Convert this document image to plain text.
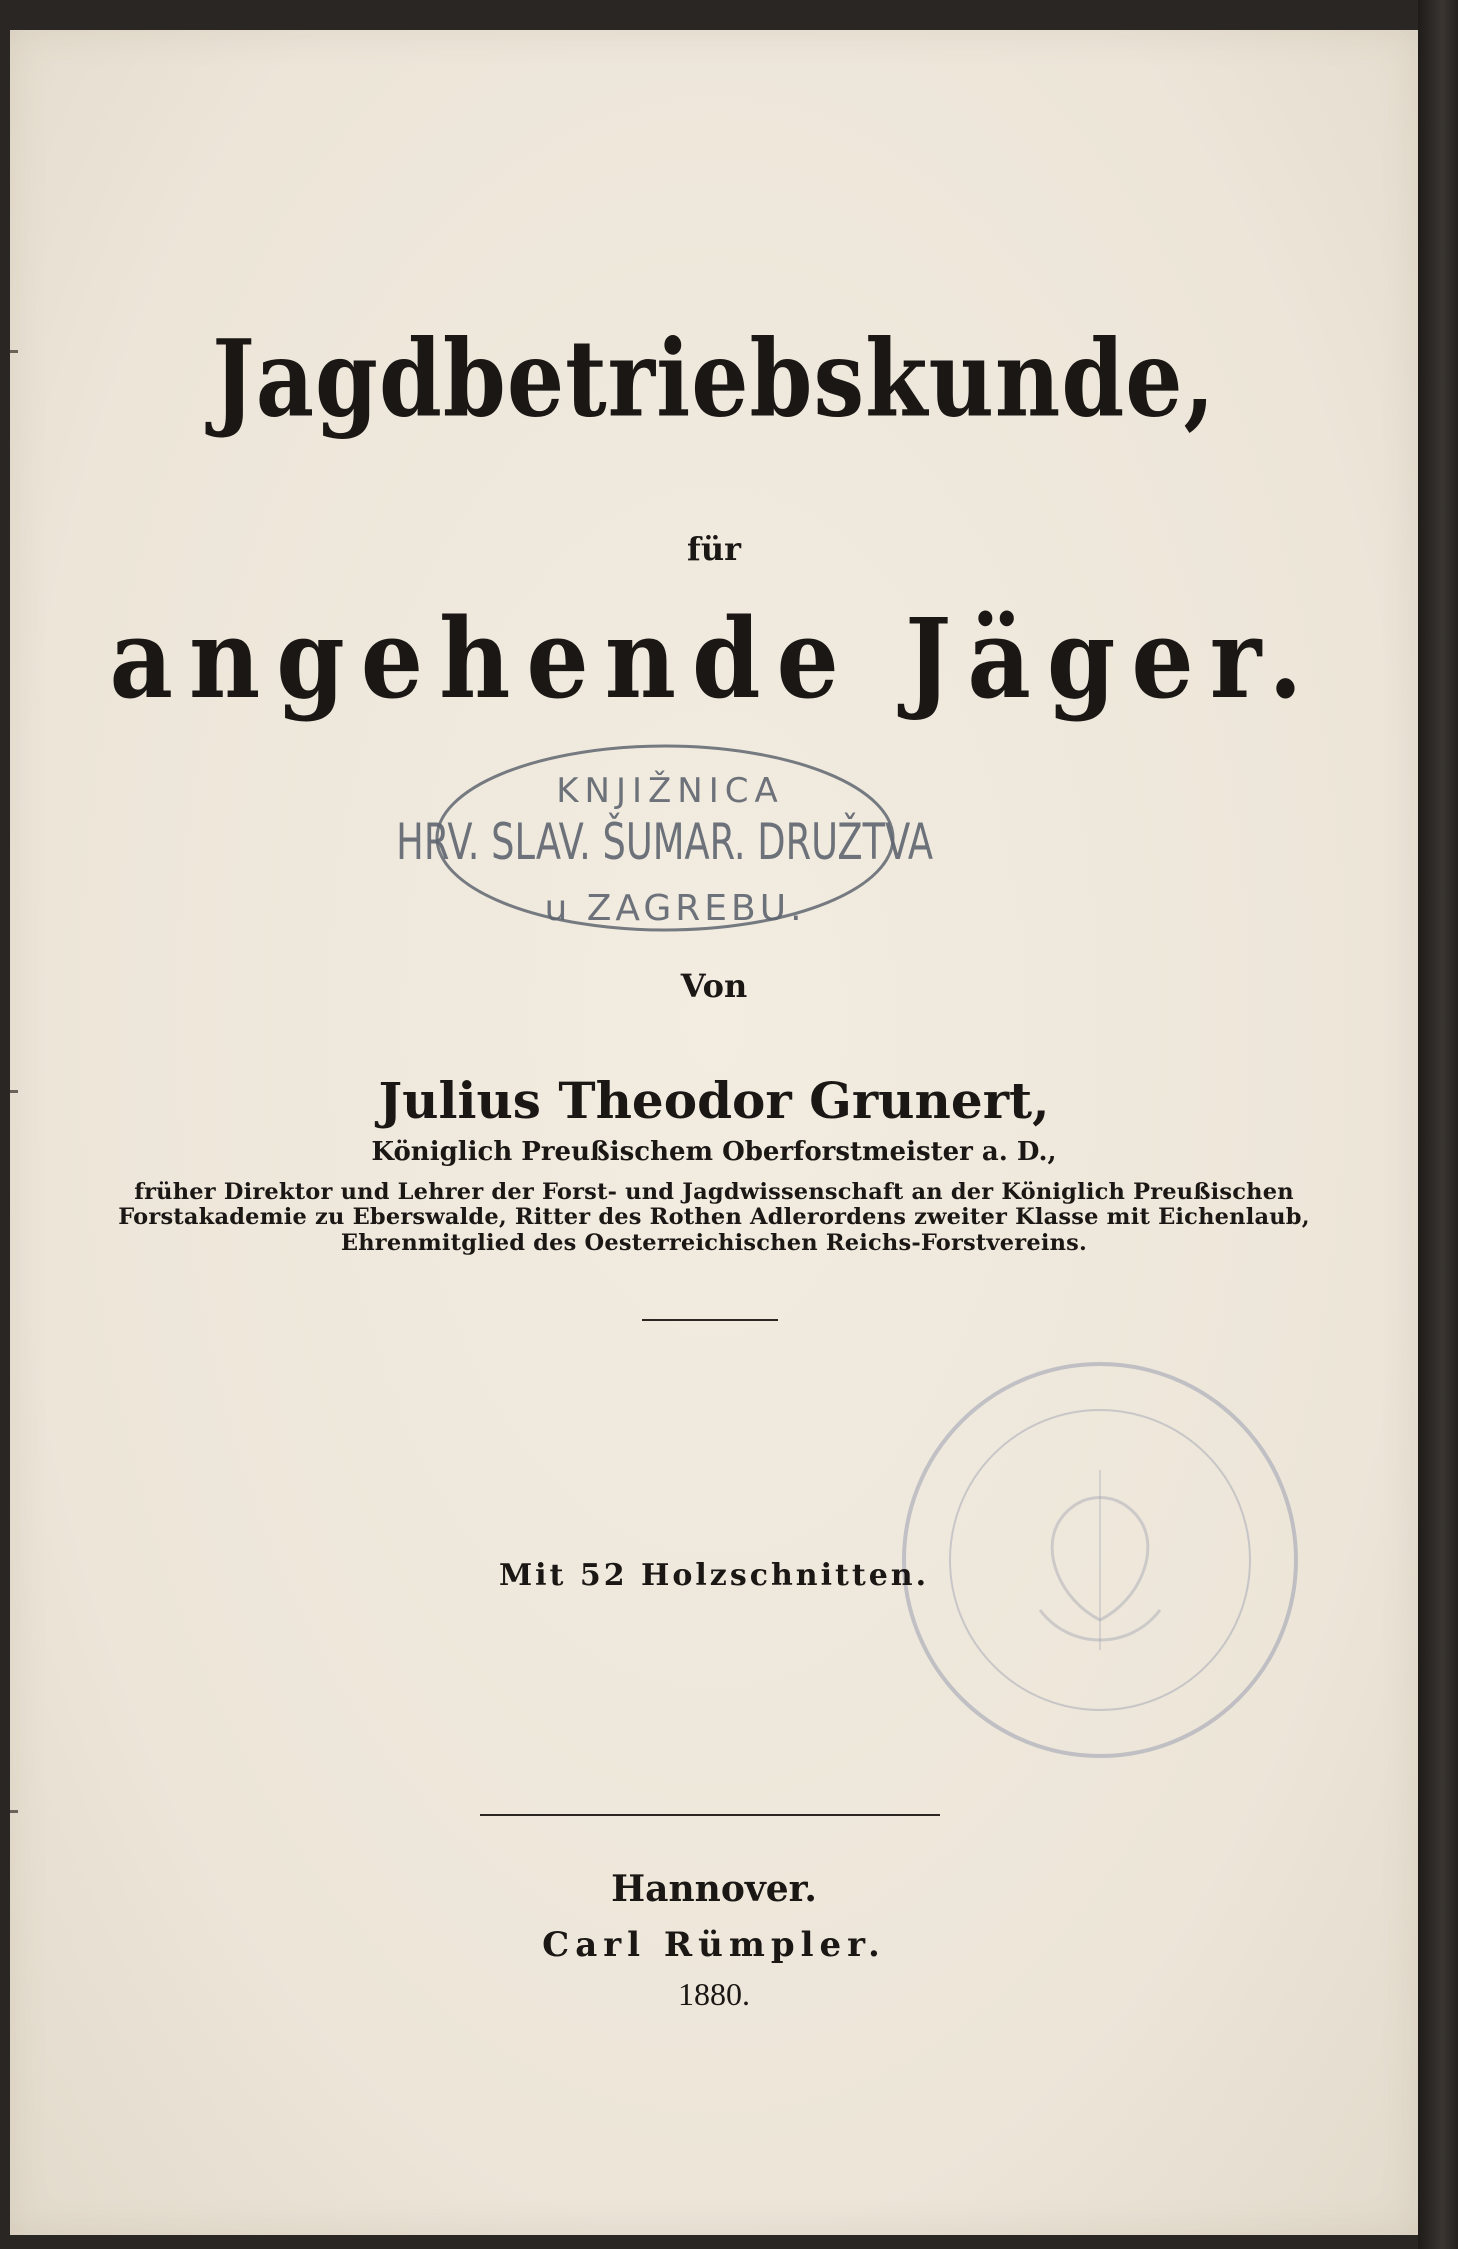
Jagdbetriebskunde,
für
angehende Jäger.
KNJIŽNICA
HRV. SLAV. ŠUMAR. DRUŽTVA
u ZAGREBU.
Von
Julius Theodor Grunert,
Königlich Preußischem Oberforstmeister a. D.,
früher Direktor und Lehrer der Forst- und Jagdwissenschaft an der Königlich Preußischen
Forstakademie zu Eberswalde, Ritter des Rothen Adlerordens zweiter Klasse mit Eichenlaub,
Ehrenmitglied des Oesterreichischen Reichs-Forstvereins.
Mit 52 Holzschnitten.
Hannover.
Carl Rümpler.
1880.
